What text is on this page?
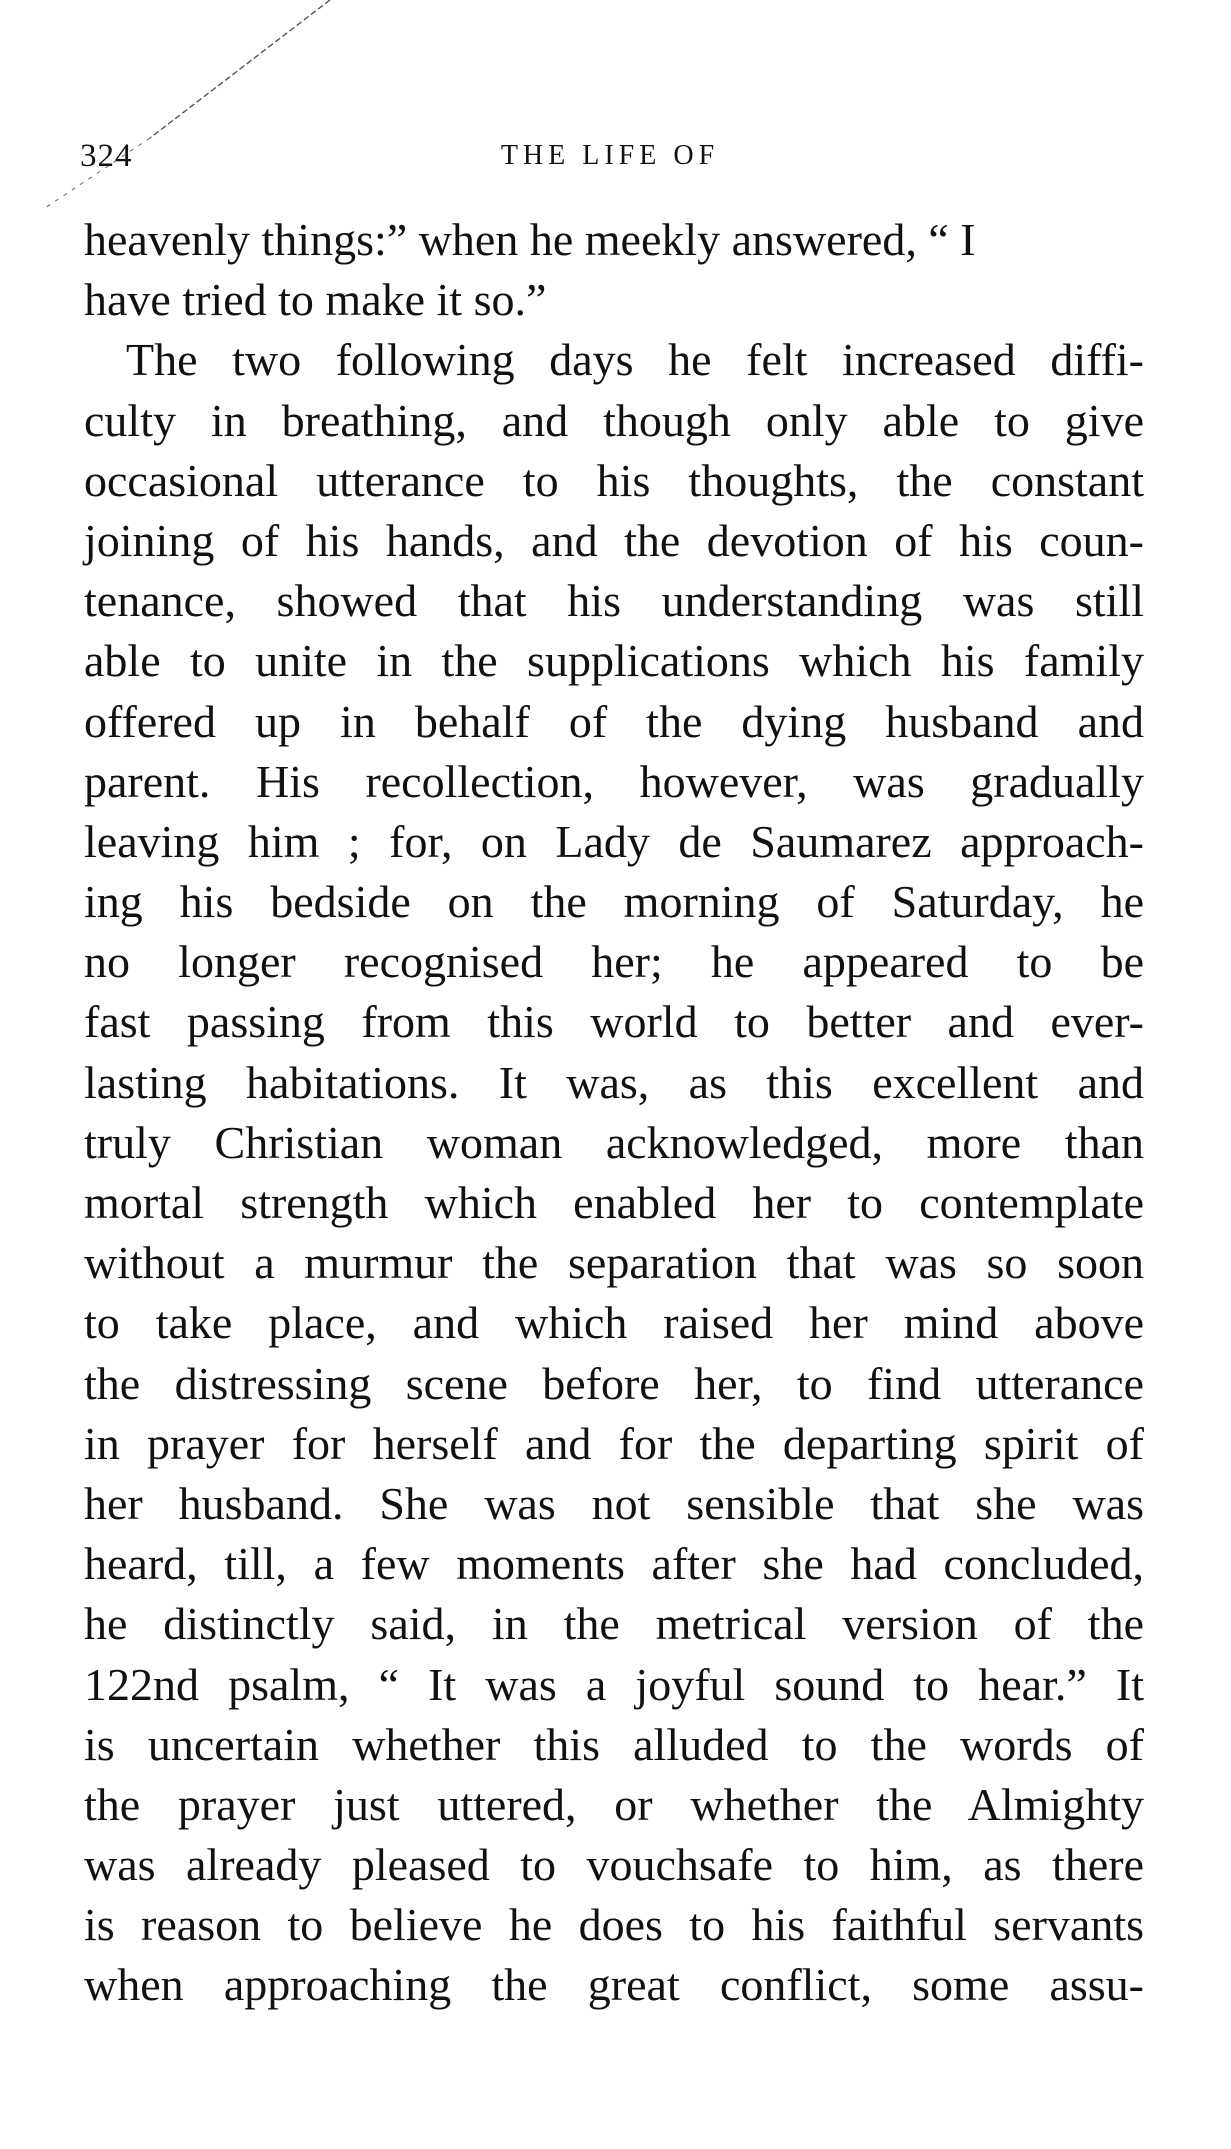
324	THE LIFE OF
heavenly things:” when he meekly answered, “ I
have tried to make it so.”
The two following days he felt increased diffi-
culty in breathing, and though only able to give
occasional utterance to his thoughts, the constant
joining of his hands, and the devotion of his coun-
tenance, showed that his understanding was still
able to unite in the supplications which his family
offered up in behalf of the dying husband and
parent. His recollection, however, was gradually
leaving him ; for, on Lady de Saumarez approach-
ing his bedside on the morning of Saturday, he
no longer recognised her; he appeared to be
fast passing from this world to better and ever-
lasting habitations. It was, as this excellent and
truly Christian woman acknowledged, more than
mortal strength which enabled her to contemplate
without a murmur the separation that was so soon
to take place, and which raised her mind above
the distressing scene before her, to find utterance
in prayer for herself and for the departing spirit of
her husband. She was not sensible that she was
heard, till, a few moments after she had concluded,
he distinctly said, in the metrical version of the
122nd psalm, “ It was a joyful sound to hear.” It
is uncertain whether this alluded to the words of
the prayer just uttered, or whether the Almighty
was already pleased to vouchsafe to him, as there
is reason to believe he does to his faithful servants
when approaching the great conflict, some assu-
